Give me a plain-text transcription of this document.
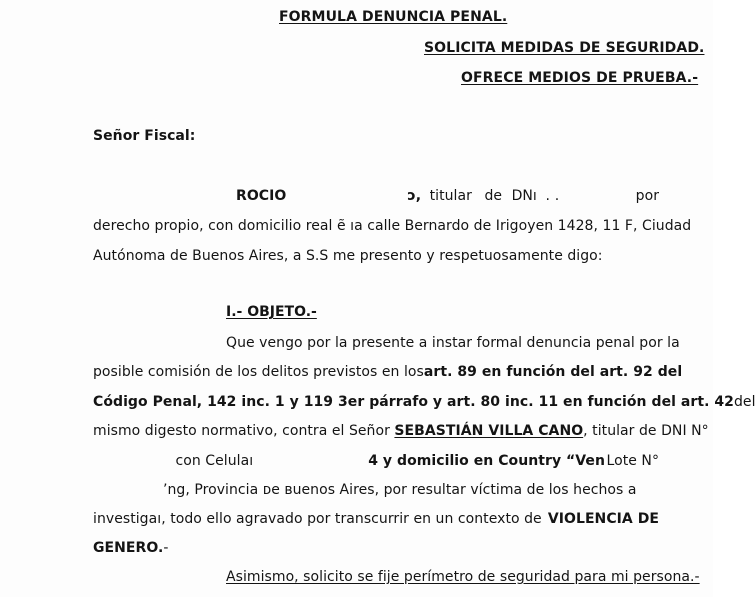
FORMULA DENUNCIA PENAL.
SOLICITA MEDIDAS DE SEGURIDAD.
OFRECE MEDIOS DE PRUEBA.-
Señor Fiscal:
ROCIO	ↄ, titular de DNı ․ ․	por
derecho propio, con domicilio real ẽ ıa calle Bernardo de Irigoyen 1428, 11 F, Ciudad
Autónoma de Buenos Aires, a S.S me presento y respetuosamente digo:
I.- OBJETO.-
Que vengo por la presente a instar formal denuncia penal por la
posible comisión de los delitos previstos en los art. 89 en función del art. 92 del
Código Penal, 142 inc. 1 y 119 3er párrafo y art. 80 inc. 11 en función del art. 42 del
mismo digesto normativo, contra el Señor SEBASTIÁN VILLA CANO, titular de DNI N°
con Celulaı	4 y domicilio en Country “Ven Lote N°
’ng, Provincia ᴅe ʙuenos Aires, por resultar víctima de los hechos a
investigaı, todo ello agravado por transcurrir en un contexto de VIOLENCIA DE
GENERO.-
Asimismo, solicito se fije perímetro de seguridad para mi persona.-
